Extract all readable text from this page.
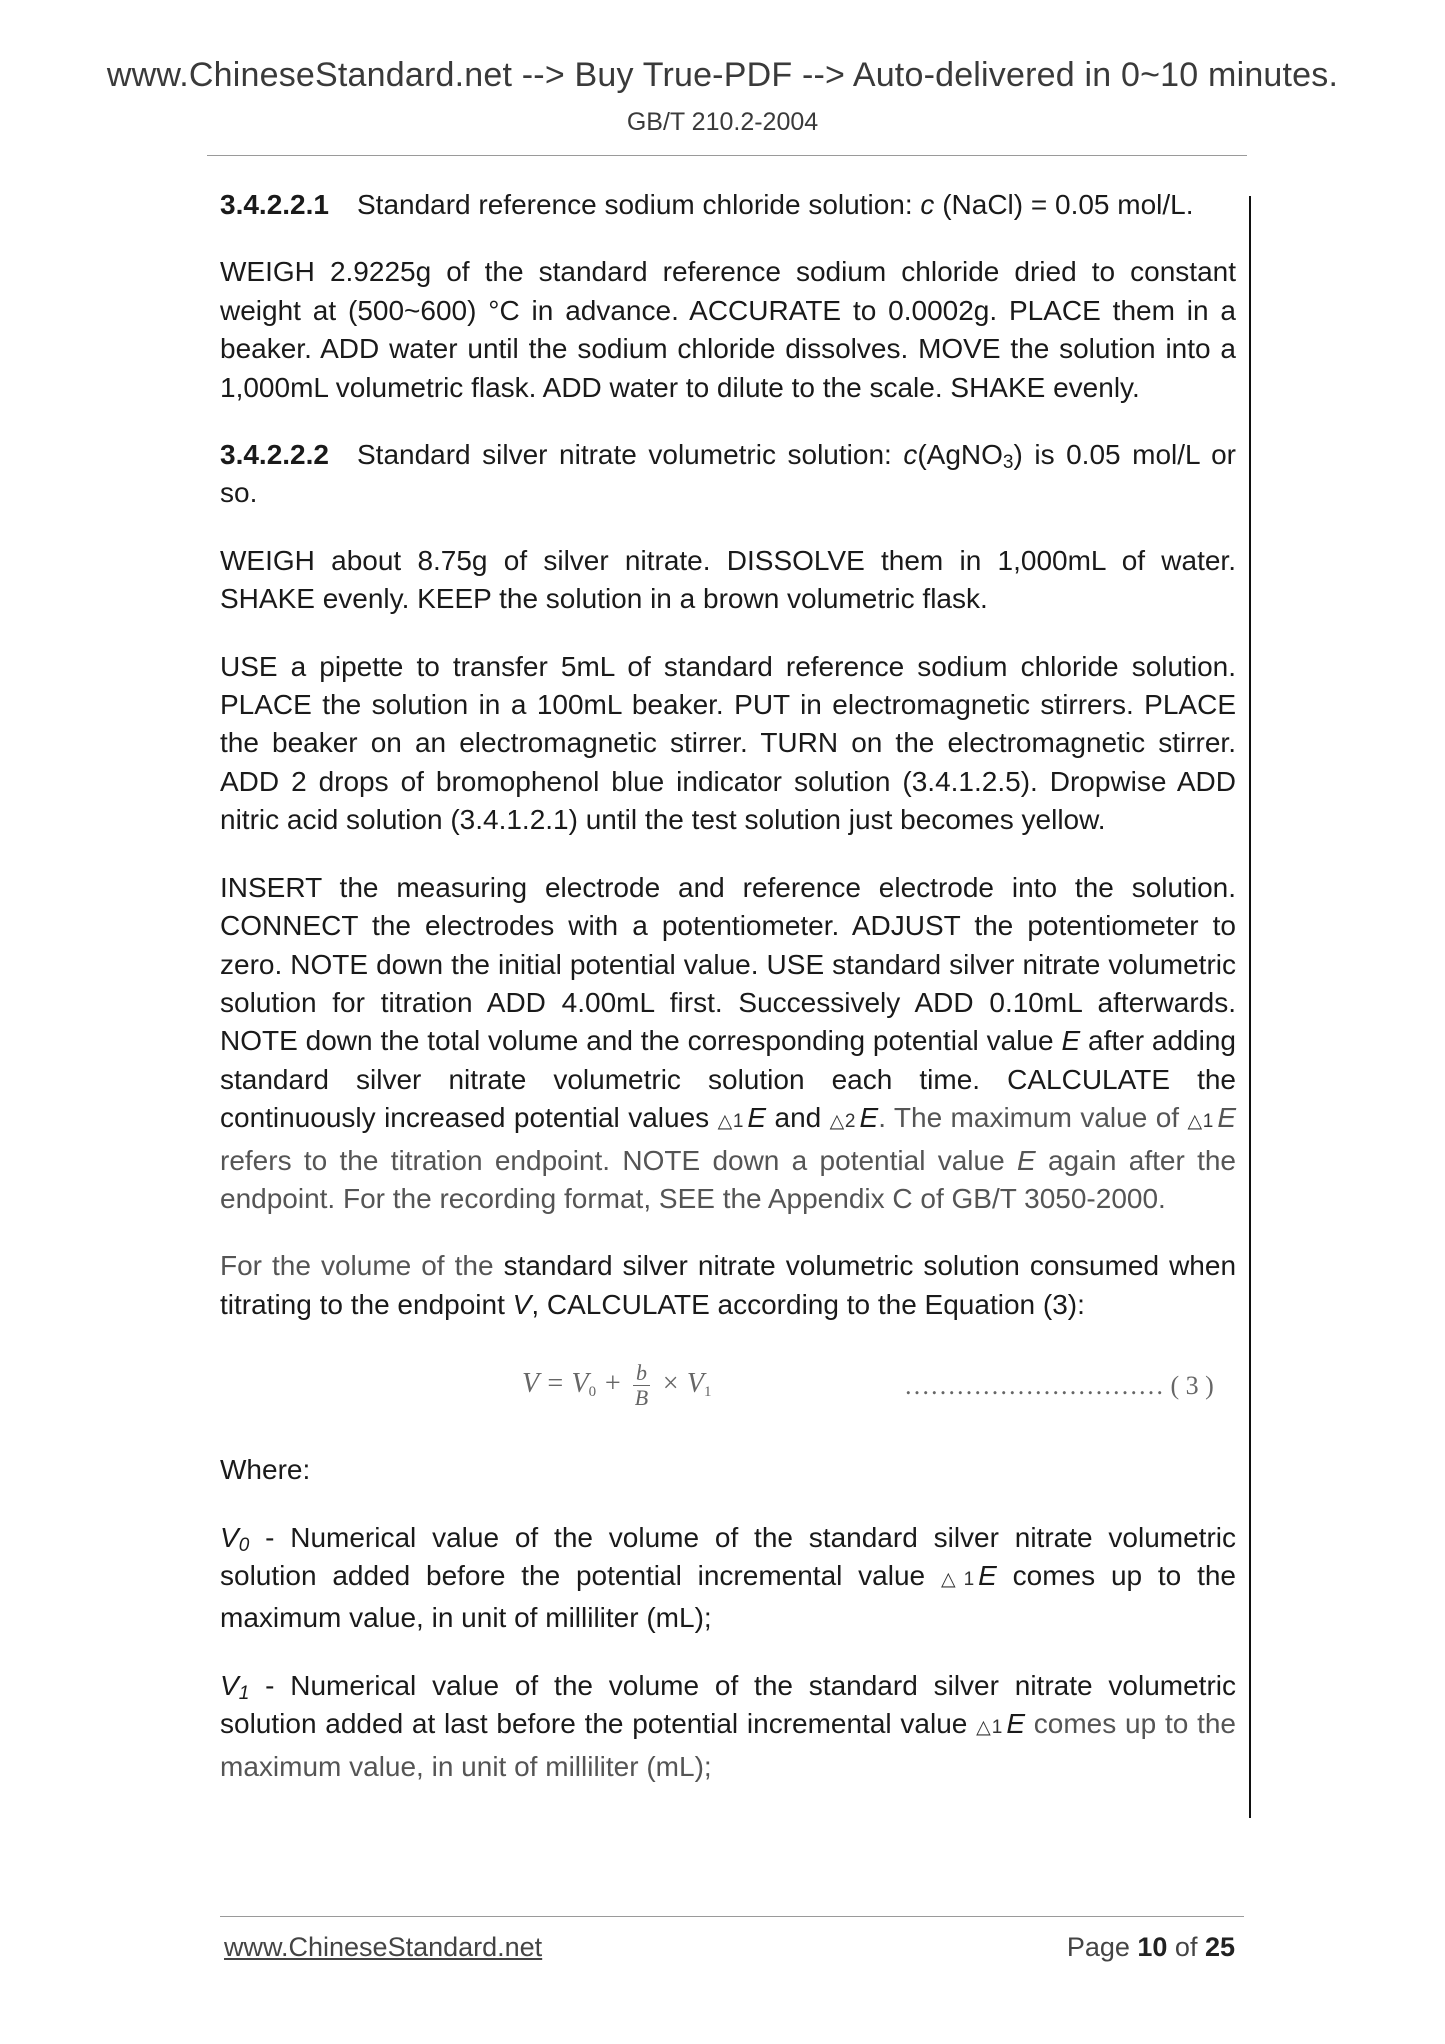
www.ChineseStandard.net --> Buy True-PDF --> Auto-delivered in 0~10 minutes.
GB/T 210.2-2004

3.4.2.2.1 Standard reference sodium chloride solution: c (NaCl) = 0.05 mol/L.

WEIGH 2.9225g of the standard reference sodium chloride dried to constant weight at (500~600) °C in advance. ACCURATE to 0.0002g. PLACE them in a beaker. ADD water until the sodium chloride dissolves. MOVE the solution into a 1,000mL volumetric flask. ADD water to dilute to the scale. SHAKE evenly.

3.4.2.2.2 Standard silver nitrate volumetric solution: c(AgNO$_3$) is 0.05 mol/L or so.

WEIGH about 8.75g of silver nitrate. DISSOLVE them in 1,000mL of water. SHAKE evenly. KEEP the solution in a brown volumetric flask.

USE a pipette to transfer 5mL of standard reference sodium chloride solution. PLACE the solution in a 100mL beaker. PUT in electromagnetic stirrers. PLACE the beaker on an electromagnetic stirrer. TURN on the electromagnetic stirrer. ADD 2 drops of bromophenol blue indicator solution (3.4.1.2.5). Dropwise ADD nitric acid solution (3.4.1.2.1) until the test solution just becomes yellow.

INSERT the measuring electrode and reference electrode into the solution. CONNECT the electrodes with a potentiometer. ADJUST the potentiometer to zero. NOTE down the initial potential value. USE standard silver nitrate volumetric solution for titration ADD 4.00mL first. Successively ADD 0.10mL afterwards. NOTE down the total volume and the corresponding potential value E after adding standard silver nitrate volumetric solution each time. CALCULATE the continuously increased potential values △1 E and △2 E. The maximum value of △1 E refers to the titration endpoint. NOTE down a potential value E again after the endpoint. For the recording format, SEE the Appendix C of GB/T 3050-2000.

For the volume of the standard silver nitrate volumetric solution consumed when titrating to the endpoint V, CALCULATE according to the Equation (3):

$V = V_0 + \frac{b}{B} \times V_1$	………………………… ( 3 )

Where:

$V_0$ - Numerical value of the volume of the standard silver nitrate volumetric solution added before the potential incremental value △1 E comes up to the maximum value, in unit of milliliter (mL);

$V_1$ - Numerical value of the volume of the standard silver nitrate volumetric solution added at last before the potential incremental value △1 E comes up to the maximum value, in unit of milliliter (mL);

www.ChineseStandard.net	Page 10 of 25
